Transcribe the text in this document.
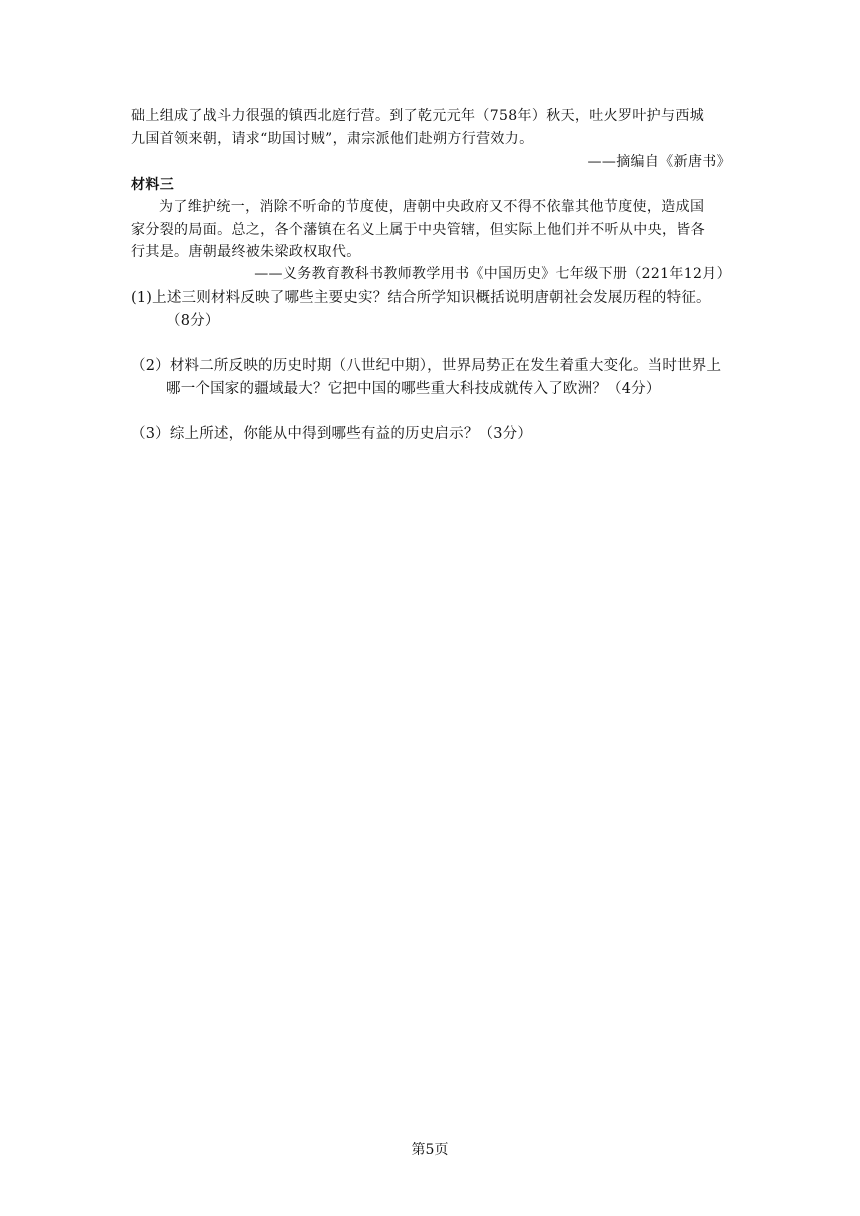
础上组成了战斗力很强的镇西北庭行营。到了乾元元年（758年）秋天，吐火罗叶护与西城
九国首领来朝，请求“助国讨贼”，肃宗派他们赴朔方行营效力。
——摘编自《新唐书》
材料三
为了维护统一，消除不听命的节度使，唐朝中央政府又不得不依靠其他节度使，造成国
家分裂的局面。总之，各个藩镇在名义上属于中央管辖，但实际上他们并不听从中央，皆各
行其是。唐朝最终被朱梁政权取代。
——义务教育教科书教师教学用书《中国历史》七年级下册（221年12月）
(1)上述三则材料反映了哪些主要史实？结合所学知识概括说明唐朝社会发展历程的特征。
（8分）
（2）材料二所反映的历史时期（八世纪中期），世界局势正在发生着重大变化。当时世界上
哪一个国家的疆域最大？它把中国的哪些重大科技成就传入了欧洲？（4分）
（3）综上所述，你能从中得到哪些有益的历史启示？（3分）
第5页
